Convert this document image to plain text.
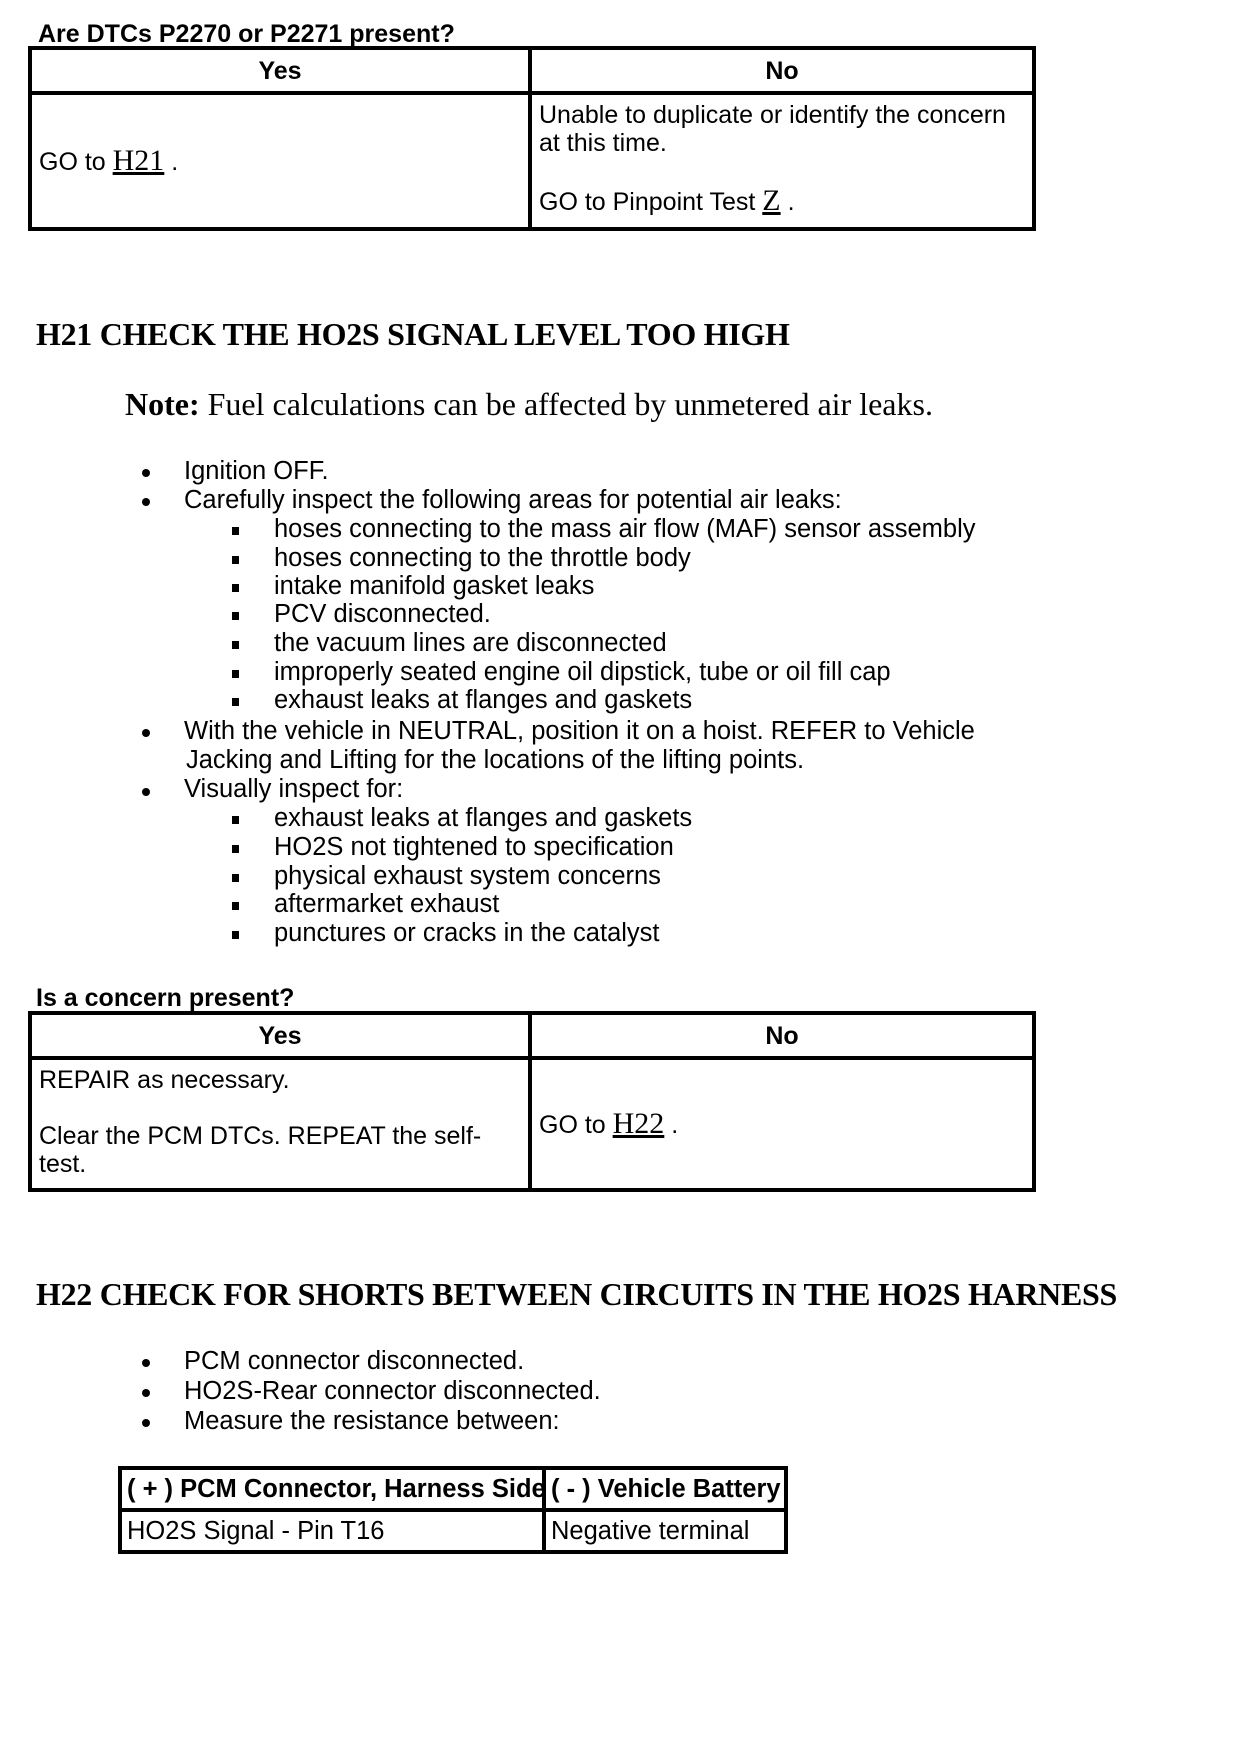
Are DTCs P2270 or P2271 present?
Yes	No
GO to H21 .	Unable to duplicate or identify the concern at this time.
GO to Pinpoint Test Z .
H21 CHECK THE HO2S SIGNAL LEVEL TOO HIGH
Note: Fuel calculations can be affected by unmetered air leaks.
Ignition OFF.
Carefully inspect the following areas for potential air leaks:
hoses connecting to the mass air flow (MAF) sensor assembly
hoses connecting to the throttle body
intake manifold gasket leaks
PCV disconnected.
the vacuum lines are disconnected
improperly seated engine oil dipstick, tube or oil fill cap
exhaust leaks at flanges and gaskets
With the vehicle in NEUTRAL, position it on a hoist. REFER to Vehicle
Jacking and Lifting for the locations of the lifting points.
Visually inspect for:
exhaust leaks at flanges and gaskets
HO2S not tightened to specification
physical exhaust system concerns
aftermarket exhaust
punctures or cracks in the catalyst
Is a concern present?
Yes	No
REPAIR as necessary.
Clear the PCM DTCs. REPEAT the self-test.	GO to H22 .
H22 CHECK FOR SHORTS BETWEEN CIRCUITS IN THE HO2S HARNESS
PCM connector disconnected.
HO2S-Rear connector disconnected.
Measure the resistance between:
( + ) PCM Connector, Harness Side	( - ) Vehicle Battery
HO2S Signal - Pin T16	Negative terminal
